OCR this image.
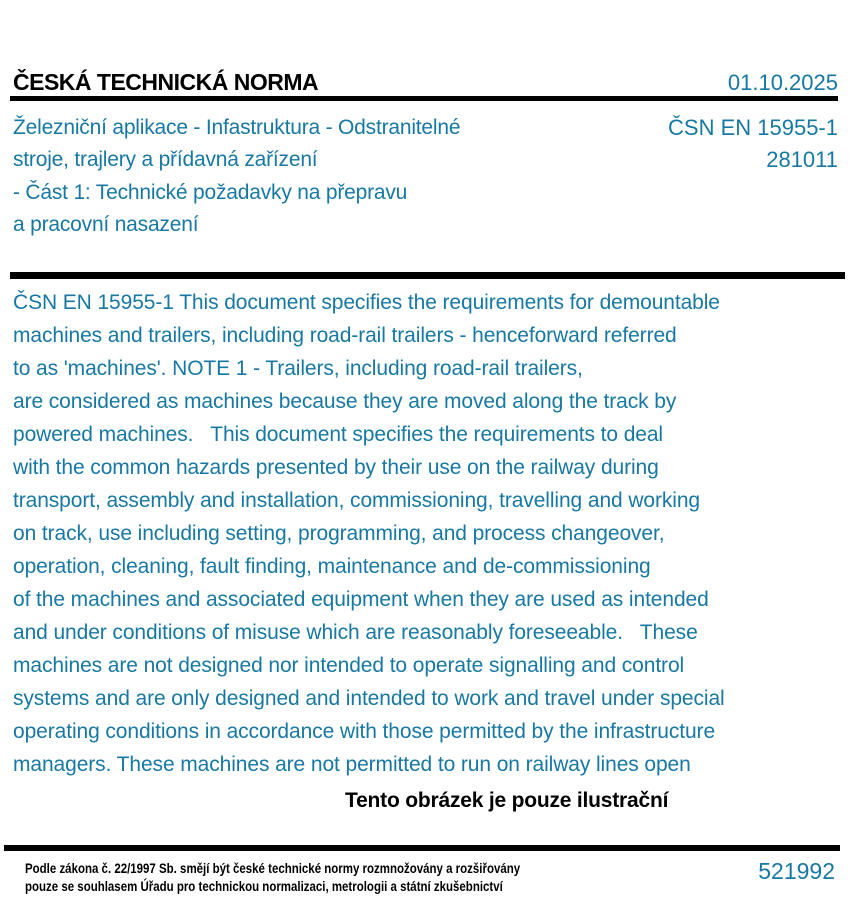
ČESKÁ TECHNICKÁ NORMA	01.10.2025
Železniční aplikace - Infastruktura - Odstranitelné
stroje, trajlery a přídavná zařízení
- Část 1: Technické požadavky na přepravu
a pracovní nasazení
ČSN EN 15955-1
281011
ČSN EN 15955-1 This document specifies the requirements for demountable
machines and trailers, including road-rail trailers - henceforward referred
to as 'machines'. NOTE 1 - Trailers, including road-rail trailers,
are considered as machines because they are moved along the track by
powered machines.   This document specifies the requirements to deal
with the common hazards presented by their use on the railway during
transport, assembly and installation, commissioning, travelling and working
on track, use including setting, programming, and process changeover,
operation, cleaning, fault finding, maintenance and de-commissioning
of the machines and associated equipment when they are used as intended
and under conditions of misuse which are reasonably foreseeable.   These
machines are not designed nor intended to operate signalling and control
systems and are only designed and intended to work and travel under special
operating conditions in accordance with those permitted by the infrastructure
managers. These machines are not permitted to run on railway lines open
Tento obrázek je pouze ilustrační
Podle zákona č. 22/1997 Sb. smějí být české technické normy rozmnožovány a rozšiřovány
pouze se souhlasem Úřadu pro technickou normalizaci, metrologii a státní zkušebnictví
521992
